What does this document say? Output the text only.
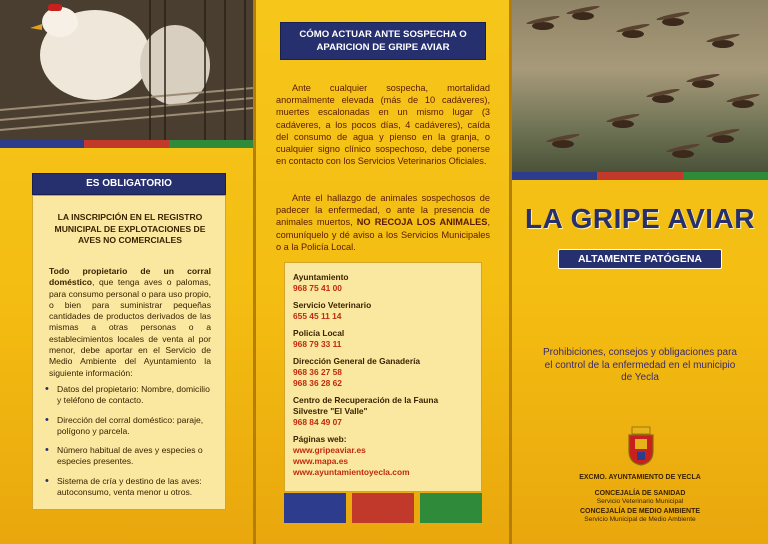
ES OBLIGATORIO
LA INSCRIPCIÓN EN EL REGISTRO
MUNICIPAL DE EXPLOTACIONES DE
AVES NO COMERCIALES
Todo propietario de un corral doméstico, que tenga aves o palomas, para consumo personal o para uso propio, o bien para suministrar pequeñas cantidades de productos derivados de las mismas a otras personas o a establecimientos locales de venta al por menor, debe aportar en el Servicio de Medio Ambiente del Ayuntamiento la siguiente información:
• Datos del propietario: Nombre, domicilio y teléfono de contacto.
• Dirección del corral doméstico: paraje, polígono y parcela.
• Número habitual de aves y especies o especies presentes.
• Sistema de cría y destino de las aves: autoconsumo, venta menor u otros.
CÓMO ACTUAR ANTE SOSPECHA O
APARICION DE GRIPE AVIAR
Ante cualquier sospecha, mortalidad anormalmente elevada (más de 10 cadáveres), muertes escalonadas en un mismo lugar (3 cadáveres, a los pocos días, 4 cadáveres), caída del consumo de agua y pienso en la granja, o cualquier signo clínico sospechoso, debe ponerse en contacto con los Servicios Veterinarios Oficiales.
Ante el hallazgo de animales sospechosos de padecer la enfermedad, o ante la presencia de animales muertos, NO RECOJA LOS ANIMALES, comuníquelo y dé aviso a los Servicios Municipales o a la Policía Local.
Ayuntamiento
968 75 41 00
Servicio Veterinario
655 45 11 14
Policía Local
968 79 33 11
Dirección General de Ganadería
968 36 27 58
968 36 28 62
Centro de Recuperación de la Fauna Silvestre "El Valle"
968 84 49 07
Páginas web:
www.gripeaviar.es
www.mapa.es
www.ayuntamientoyecla.com
LA GRIPE AVIAR
ALTAMENTE PATÓGENA
Prohibiciones, consejos y obligaciones para el control de la enfermedad en el municipio de Yecla
EXCMO. AYUNTAMIENTO DE YECLA
CONCEJALÍA DE SANIDAD
Servicio Veterinario Municipal
CONCEJALÍA DE MEDIO AMBIENTE
Servicio Municipal de Medio Ambiente
